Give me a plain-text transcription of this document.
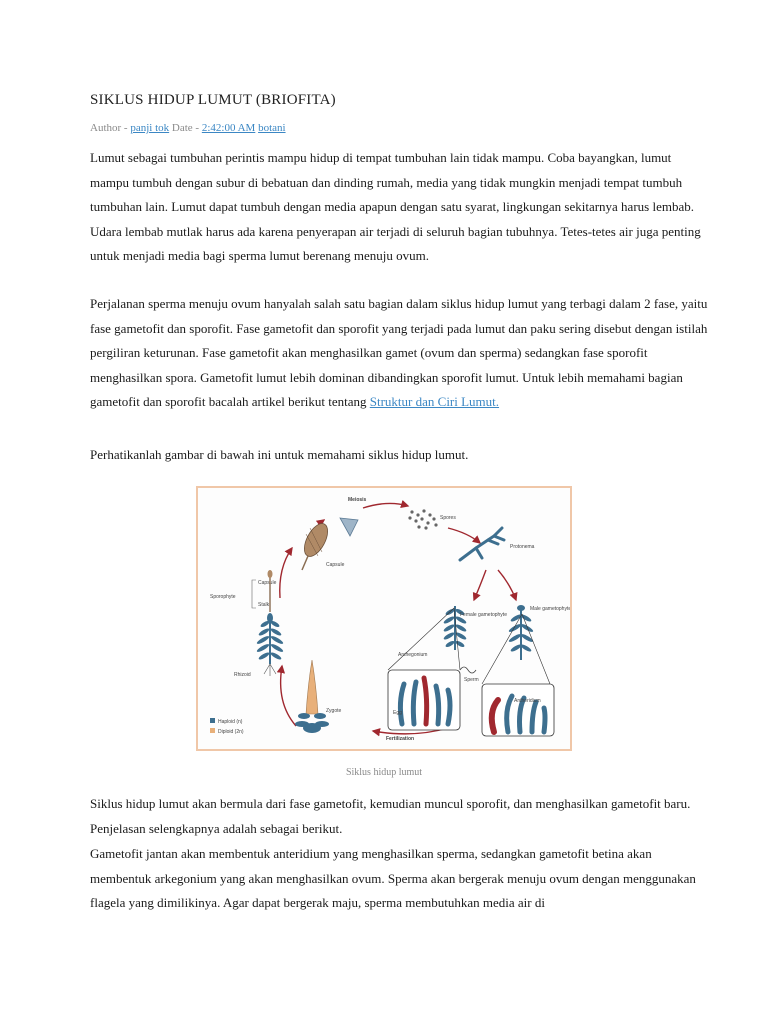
SIKLUS HIDUP LUMUT (BRIOFITA)
Author - panji tok Date - 2:42:00 AM botani

Lumut sebagai tumbuhan perintis mampu hidup di tempat tumbuhan lain tidak mampu. Coba bayangkan, lumut mampu tumbuh dengan subur di bebatuan dan dinding rumah, media yang tidak mungkin menjadi tempat tumbuh tumbuhan lain. Lumut dapat tumbuh dengan media apapun dengan satu syarat, lingkungan sekitarnya harus lembab. Udara lembab mutlak harus ada karena penyerapan air terjadi di seluruh bagian tubuhnya. Tetes-tetes air juga penting untuk menjadi media bagi sperma lumut berenang menuju ovum.

Perjalanan sperma menuju ovum hanyalah salah satu bagian dalam siklus hidup lumut yang terbagi dalam 2 fase, yaitu fase gametofit dan sporofit. Fase gametofit dan sporofit yang terjadi pada lumut dan paku sering disebut dengan istilah pergiliran keturunan. Fase gametofit akan menghasilkan gamet (ovum dan sperma) sedangkan fase sporofit menghasilkan spora. Gametofit lumut lebih dominan dibandingkan sporofit lumut. Untuk lebih memahami bagian gametofit dan sporofit bacalah artikel berikut tentang Struktur dan Ciri Lumut.

Perhatikanlah gambar di bawah ini untuk memahami siklus hidup lumut.

Meiosis
Spores
Protonema
Capsule
Capsule
Sporophyte
Stalk
Rhizoid
Zygote
Haploid (n)
Diploid (2n)
Female gametophyte
Male gametophyte
Archegonium
Egg
Sperm
Antheridium
Fertilization
Siklus hidup lumut

Siklus hidup lumut akan bermula dari fase gametofit, kemudian muncul sporofit, dan menghasilkan gametofit baru. Penjelasan selengkapnya adalah sebagai berikut.

Gametofit jantan akan membentuk anteridium yang menghasilkan sperma, sedangkan gametofit betina akan membentuk arkegonium yang akan menghasilkan ovum. Sperma akan bergerak menuju ovum dengan menggunakan flagela yang dimilikinya. Agar dapat bergerak maju, sperma membutuhkan media air di
